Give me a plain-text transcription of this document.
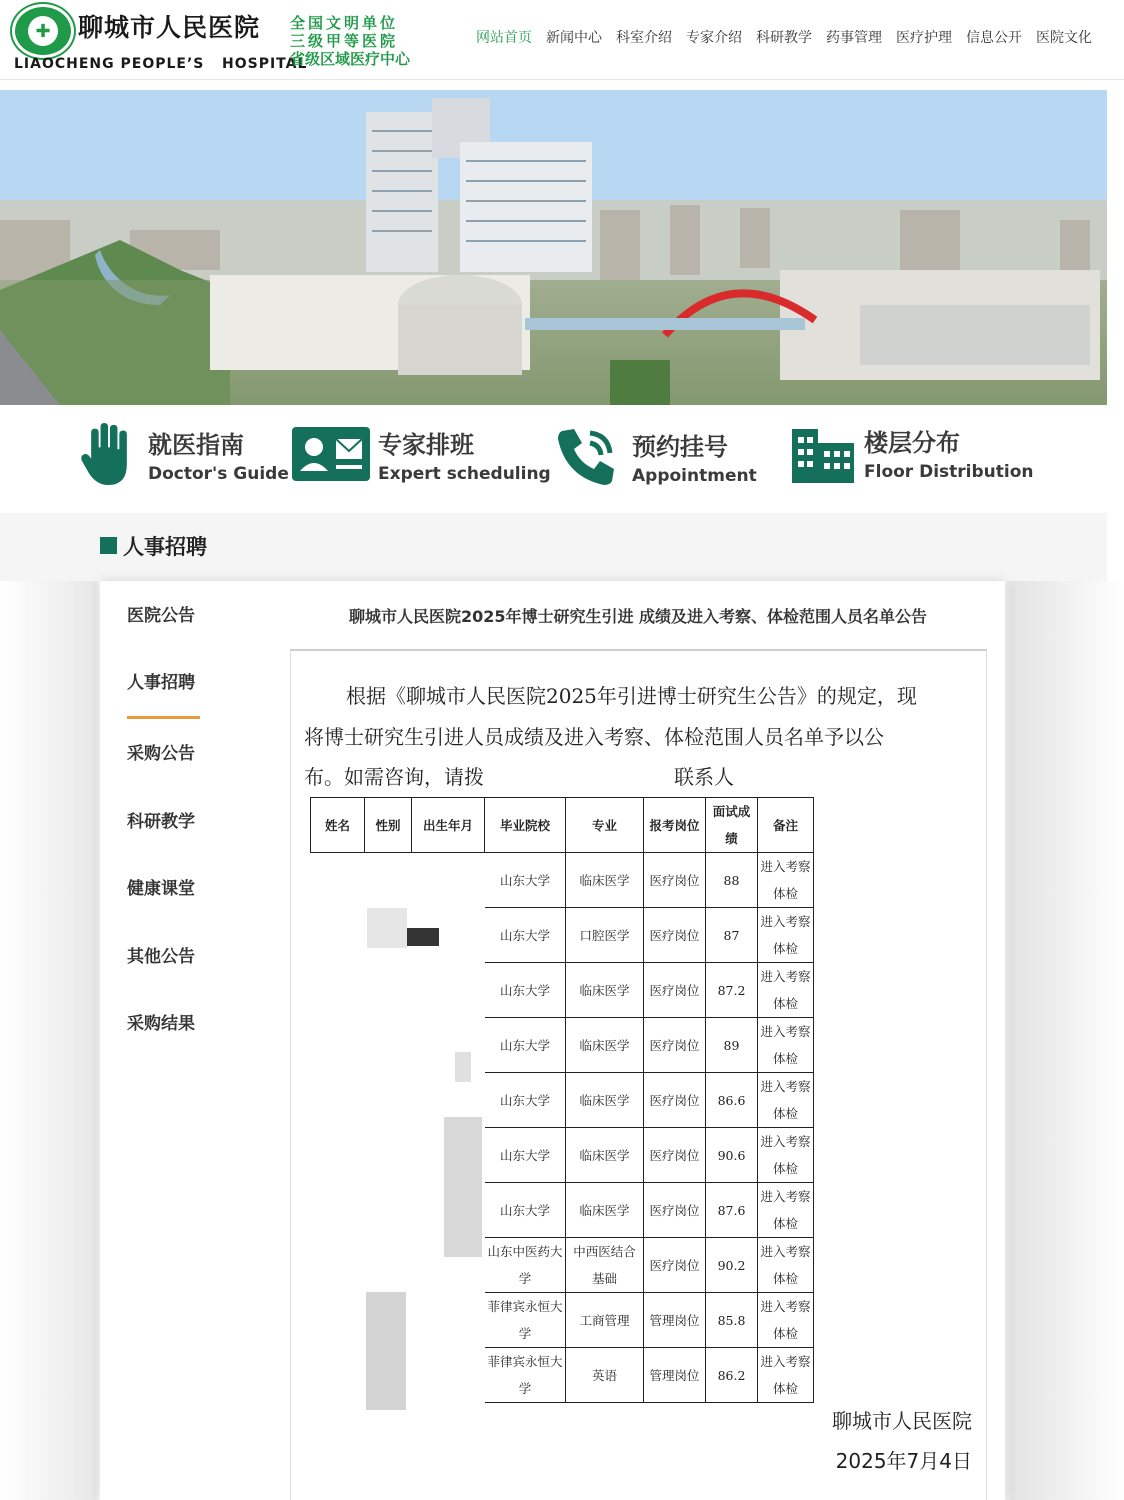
✚ 聊城市人民医院
LIAOCHENG PEOPLE’S   HOSPITAL
全国文明单位
三级甲等医院
省级区域医疗中心
网站首页 新闻中心 科室介绍 专家介绍 科研教学 药事管理 医疗护理 信息公开 医院文化
就医指南
Doctor's Guide
专家排班
Expert scheduling
预约挂号
Appointment
楼层分布
Floor Distribution
人事招聘
医院公告
人事招聘
采购公告
科研教学
健康课堂
其他公告
采购结果
聊城市人民医院2025年博士研究生引进 成绩及进入考察、体检范围人员名单公告
根据《聊城市人民医院2025年引进博士研究生公告》的规定，现
将博士研究生引进人员成绩及进入考察、体检范围人员名单予以公
布。如需咨询，请拨	联系人
姓名	性别	出生年月	毕业院校	专业	报考岗位	面试成绩	备注
			山东大学	临床医学	医疗岗位	88	进入考察体检
			山东大学	口腔医学	医疗岗位	87	进入考察体检
			山东大学	临床医学	医疗岗位	87.2	进入考察体检
			山东大学	临床医学	医疗岗位	89	进入考察体检
			山东大学	临床医学	医疗岗位	86.6	进入考察体检
			山东大学	临床医学	医疗岗位	90.6	进入考察体检
			山东大学	临床医学	医疗岗位	87.6	进入考察体检
			山东中医药大学	中西医结合基础	医疗岗位	90.2	进入考察体检
			菲律宾永恒大学	工商管理	管理岗位	85.8	进入考察体检
			菲律宾永恒大学	英语	管理岗位	86.2	进入考察体检
聊城市人民医院
2025年7月4日
